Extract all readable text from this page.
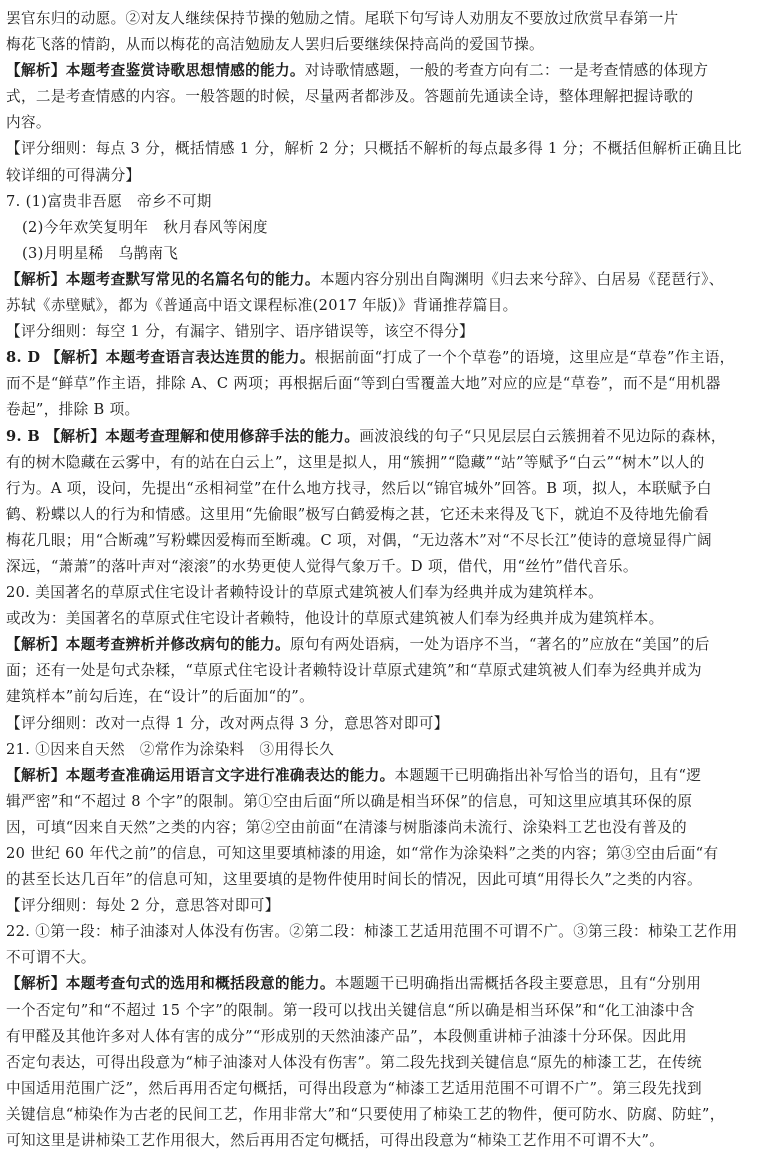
罢官东归的动愿。②对友人继续保持节操的勉励之情。尾联下句写诗人劝朋友不要放过欣赏早春第一片
梅花飞落的情韵，从而以梅花的高洁勉励友人罢归后要继续保持高尚的爱国节操。
【解析】本题考查鉴赏诗歌思想情感的能力。对诗歌情感题，一般的考查方向有二：一是考查情感的体现方
式，二是考查情感的内容。一般答题的时候，尽量两者都涉及。答题前先通读全诗，整体理解把握诗歌的
内容。
【评分细则：每点 3 分，概括情感 1 分，解析 2 分；只概括不解析的每点最多得 1 分；不概括但解析正确且比
较详细的可得满分】
7. (1)富贵非吾愿　帝乡不可期
(2)今年欢笑复明年　秋月春风等闲度
(3)月明星稀　乌鹊南飞
【解析】本题考查默写常见的名篇名句的能力。本题内容分别出自陶渊明《归去来兮辞》、白居易《琵琶行》、
苏轼《赤壁赋》，都为《普通高中语文课程标准(2017 年版)》背诵推荐篇目。
【评分细则：每空 1 分，有漏字、错别字、语序错误等，该空不得分】
8. D 【解析】本题考查语言表达连贯的能力。根据前面“打成了一个个草卷”的语境，这里应是“草卷”作主语，
而不是“鲜草”作主语，排除 A、C 两项；再根据后面“等到白雪覆盖大地”对应的应是“草卷”，而不是“用机器
卷起”，排除 B 项。
9. B 【解析】本题考查理解和使用修辞手法的能力。画波浪线的句子“只见层层白云簇拥着不见边际的森林，
有的树木隐藏在云雾中，有的站在白云上”，这里是拟人，用“簇拥”“隐藏”“站”等赋予“白云”“树木”以人的
行为。A 项，设问，先提出“丞相祠堂”在什么地方找寻，然后以“锦官城外”回答。B 项，拟人，本联赋予白
鹤、粉蝶以人的行为和情感。这里用“先偷眼”极写白鹤爱梅之甚，它还未来得及飞下，就迫不及待地先偷看
梅花几眼；用“合断魂”写粉蝶因爱梅而至断魂。C 项，对偶，“无边落木”对“不尽长江”使诗的意境显得广阔
深远，“萧萧”的落叶声对“滚滚”的水势更使人觉得气象万千。D 项，借代，用“丝竹”借代音乐。
20. 美国著名的草原式住宅设计者赖特设计的草原式建筑被人们奉为经典并成为建筑样本。
或改为：美国著名的草原式住宅设计者赖特，他设计的草原式建筑被人们奉为经典并成为建筑样本。
【解析】本题考查辨析并修改病句的能力。原句有两处语病，一处为语序不当，“著名的”应放在“美国”的后
面；还有一处是句式杂糅，“草原式住宅设计者赖特设计草原式建筑”和“草原式建筑被人们奉为经典并成为
建筑样本”前勾后连，在“设计”的后面加“的”。
【评分细则：改对一点得 1 分，改对两点得 3 分，意思答对即可】
21. ①因来自天然　②常作为涂染料　③用得长久
【解析】本题考查准确运用语言文字进行准确表达的能力。本题题干已明确指出补写恰当的语句，且有“逻
辑严密”和“不超过 8 个字”的限制。第①空由后面“所以确是相当环保”的信息，可知这里应填其环保的原
因，可填“因来自天然”之类的内容；第②空由前面“在清漆与树脂漆尚未流行、涂染料工艺也没有普及的
20 世纪 60 年代之前”的信息，可知这里要填柿漆的用途，如“常作为涂染料”之类的内容；第③空由后面“有
的甚至长达几百年”的信息可知，这里要填的是物件使用时间长的情况，因此可填“用得长久”之类的内容。
【评分细则：每处 2 分，意思答对即可】
22. ①第一段：柿子油漆对人体没有伤害。②第二段：柿漆工艺适用范围不可谓不广。③第三段：柿染工艺作用
不可谓不大。
【解析】本题考查句式的选用和概括段意的能力。本题题干已明确指出需概括各段主要意思，且有“分别用
一个否定句”和“不超过 15 个字”的限制。第一段可以找出关键信息“所以确是相当环保”和“化工油漆中含
有甲醛及其他许多对人体有害的成分”“形成别的天然油漆产品”，本段侧重讲柿子油漆十分环保。因此用
否定句表达，可得出段意为“柿子油漆对人体没有伤害”。第二段先找到关键信息“原先的柿漆工艺，在传统
中国适用范围广泛”，然后再用否定句概括，可得出段意为“柿漆工艺适用范围不可谓不广”。第三段先找到
关键信息“柿染作为古老的民间工艺，作用非常大”和“只要使用了柿染工艺的物件，便可防水、防腐、防蛀”，
可知这里是讲柿染工艺作用很大，然后再用否定句概括，可得出段意为“柿染工艺作用不可谓不大”。
